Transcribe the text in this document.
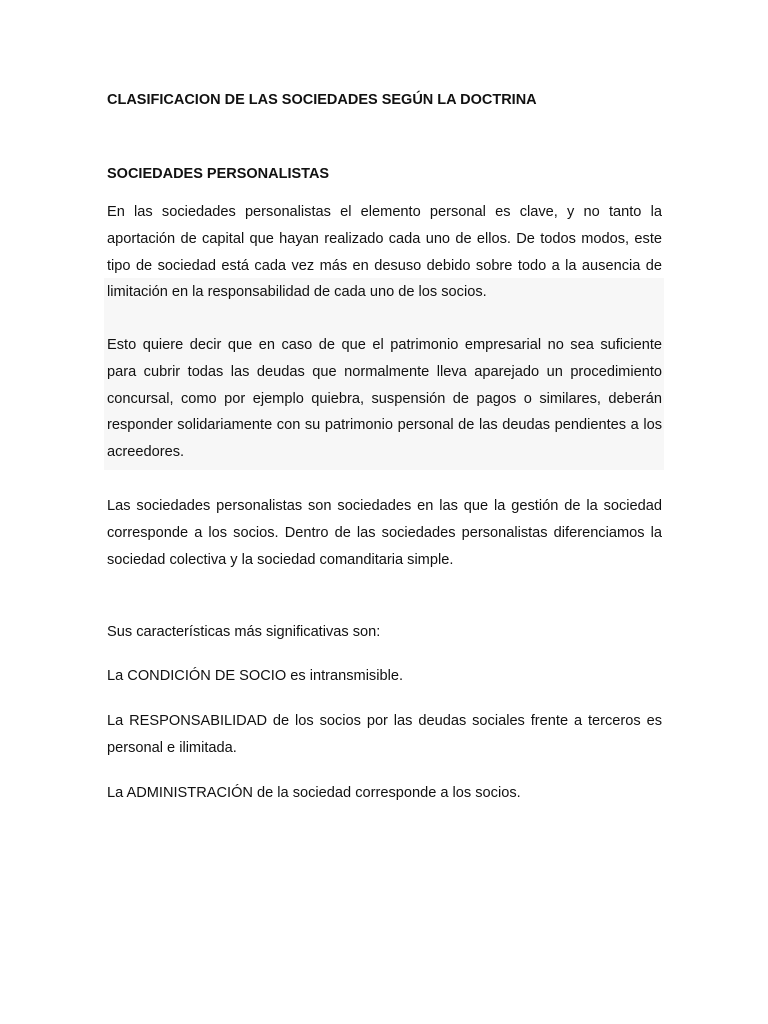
CLASIFICACION DE LAS SOCIEDADES SEGÚN LA DOCTRINA
SOCIEDADES PERSONALISTAS

En las sociedades personalistas el elemento personal es clave, y no tanto la aportación de capital que hayan realizado cada uno de ellos. De todos modos, este tipo de sociedad está cada vez más en desuso debido sobre todo a la ausencia de limitación en la responsabilidad de cada uno de los socios.

Esto quiere decir que en caso de que el patrimonio empresarial no sea suficiente para cubrir todas las deudas que normalmente lleva aparejado un procedimiento concursal, como por ejemplo quiebra, suspensión de pagos o similares, deberán responder solidariamente con su patrimonio personal de las deudas pendientes a los acreedores.

Las sociedades personalistas son sociedades en las que la gestión de la sociedad corresponde a los socios. Dentro de las sociedades personalistas diferenciamos la sociedad colectiva y la sociedad comanditaria simple.

Sus características más significativas son:

La CONDICIÓN DE SOCIO es intransmisible.

La RESPONSABILIDAD de los socios por las deudas sociales frente a terceros es personal e ilimitada.

La ADMINISTRACIÓN de la sociedad corresponde a los socios.
